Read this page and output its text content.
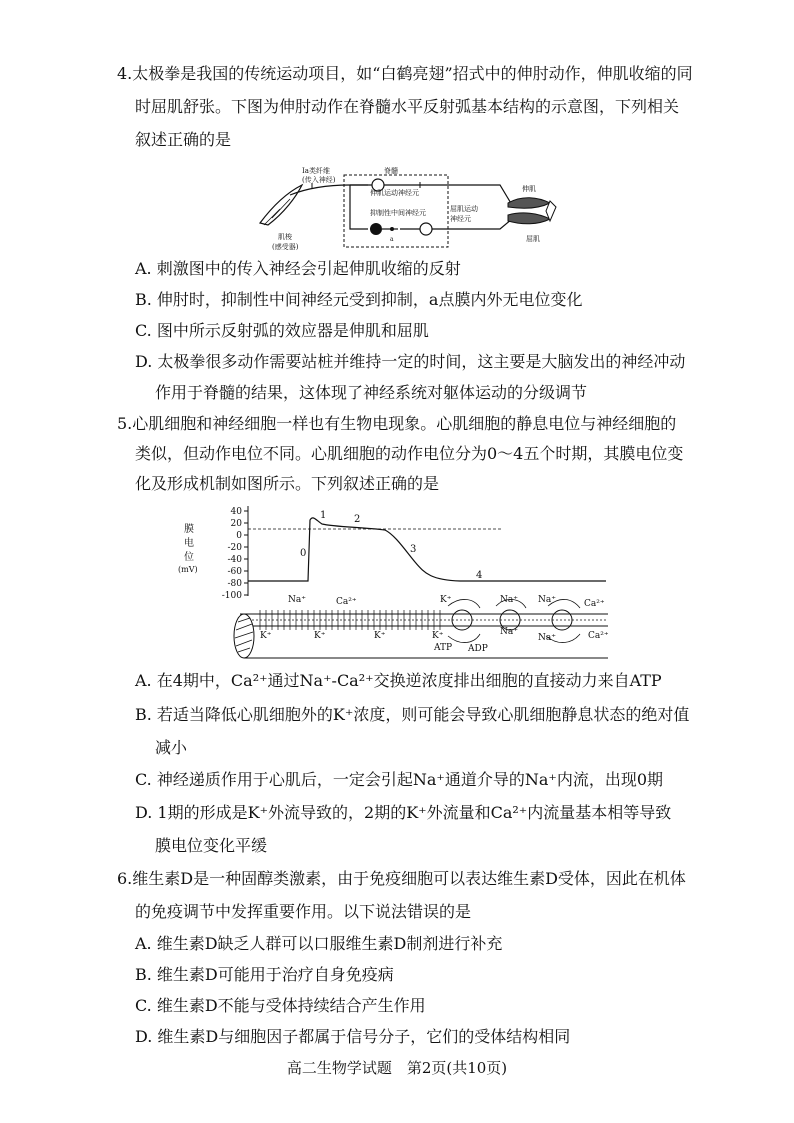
4.太极拳是我国的传统运动项目，如“白鹤亮翅”招式中的伸肘动作，伸肌收缩的同
时屈肌舒张。下图为伸肘动作在脊髓水平反射弧基本结构的示意图，下列相关
叙述正确的是
Ⅰa类纤维
(传入神经)
肌梭
(感受器)
脊髓
伸肌运动神经元
抑制性中间神经元
a
屈肌运动
神经元
伸肌
屈肌
A. 刺激图中的传入神经会引起伸肌收缩的反射
B. 伸肘时，抑制性中间神经元受到抑制，a点膜内外无电位变化
C. 图中所示反射弧的效应器是伸肌和屈肌
D. 太极拳很多动作需要站桩并维持一定的时间，这主要是大脑发出的神经冲动
作用于脊髓的结果，这体现了神经系统对躯体运动的分级调节
5.心肌细胞和神经细胞一样也有生物电现象。心肌细胞的静息电位与神经细胞的
类似，但动作电位不同。心肌细胞的动作电位分为0～4五个时期，其膜电位变
化及形成机制如图所示。下列叙述正确的是
膜
电
位
(mV)
40
20
0
-20
-40
-60
-80
-100
0
1	2
3
4
Na⁺	Ca²⁺	K⁺	Na⁺ Na⁺	Ca²⁺
K⁺	K⁺	K⁺	K⁺	Na⁺	Ca²⁺
Na⁺
ATP ADP
A. 在4期中，Ca²⁺通过Na⁺-Ca²⁺交换逆浓度排出细胞的直接动力来自ATP
B. 若适当降低心肌细胞外的K⁺浓度，则可能会导致心肌细胞静息状态的绝对值
减小
C. 神经递质作用于心肌后，一定会引起Na⁺通道介导的Na⁺内流，出现0期
D. 1期的形成是K⁺外流导致的，2期的K⁺外流量和Ca²⁺内流量基本相等导致
膜电位变化平缓
6.维生素D是一种固醇类激素，由于免疫细胞可以表达维生素D受体，因此在机体
的免疫调节中发挥重要作用。以下说法错误的是
A. 维生素D缺乏人群可以口服维生素D制剂进行补充
B. 维生素D可能用于治疗自身免疫病
C. 维生素D不能与受体持续结合产生作用
D. 维生素D与细胞因子都属于信号分子，它们的受体结构相同
高二生物学试题　第2页(共10页)
